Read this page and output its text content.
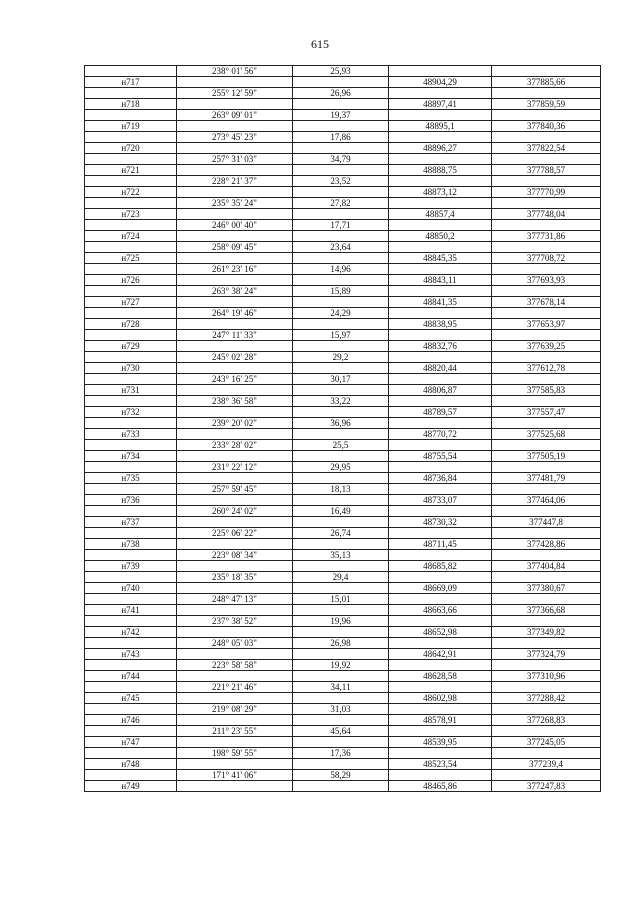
615
	238° 01' 56"	25,93		
н717			48904,29	377885,66
	255° 12' 59"	26,96		
н718			48897,41	377859,59
	263° 09' 01"	19,37		
н719			48895,1	377840,36
	273° 45' 23"	17,86		
н720			48896,27	377822,54
	257° 31' 03"	34,79		
н721			48888,75	377788,57
	228° 21' 37"	23,52		
н722			48873,12	377770,99
	235° 35' 24"	27,82		
н723			48857,4	377748,04
	246° 00' 40"	17,71		
н724			48850,2	377731,86
	258° 09' 45"	23,64		
н725			48845,35	377708,72
	261° 23' 16"	14,96		
н726			48843,11	377693,93
	263° 38' 24"	15,89		
н727			48841,35	377678,14
	264° 19' 46"	24,29		
н728			48838,95	377653,97
	247° 11' 33"	15,97		
н729			48832,76	377639,25
	245° 02' 28"	29,2		
н730			48820,44	377612,78
	243° 16' 25"	30,17		
н731			48806,87	377585,83
	238° 36' 58"	33,22		
н732			48789,57	377557,47
	239° 20' 02"	36,96		
н733			48770,72	377525,68
	233° 28' 02"	25,5		
н734			48755,54	377505,19
	231° 22' 12"	29,95		
н735			48736,84	377481,79
	257° 59' 45"	18,13		
н736			48733,07	377464,06
	260° 24' 02"	16,49		
н737			48730,32	377447,8
	225° 06' 22"	26,74		
н738			48711,45	377428,86
	223° 08' 34"	35,13		
н739			48685,82	377404,84
	235° 18' 35"	29,4		
н740			48669,09	377380,67
	248° 47' 13"	15,01		
н741			48663,66	377366,68
	237° 38' 52"	19,96		
н742			48652,98	377349,82
	248° 05' 03"	26,98		
н743			48642,91	377324,79
	223° 58' 58"	19,92		
н744			48628,58	377310,96
	221° 21' 46"	34,11		
н745			48602,98	377288,42
	219° 08' 29"	31,03		
н746			48578,91	377268,83
	211° 23' 55"	45,64		
н747			48539,95	377245,05
	198° 59' 55"	17,36		
н748			48523,54	377239,4
	171° 41' 06"	58,29		
н749			48465,86	377247,83
